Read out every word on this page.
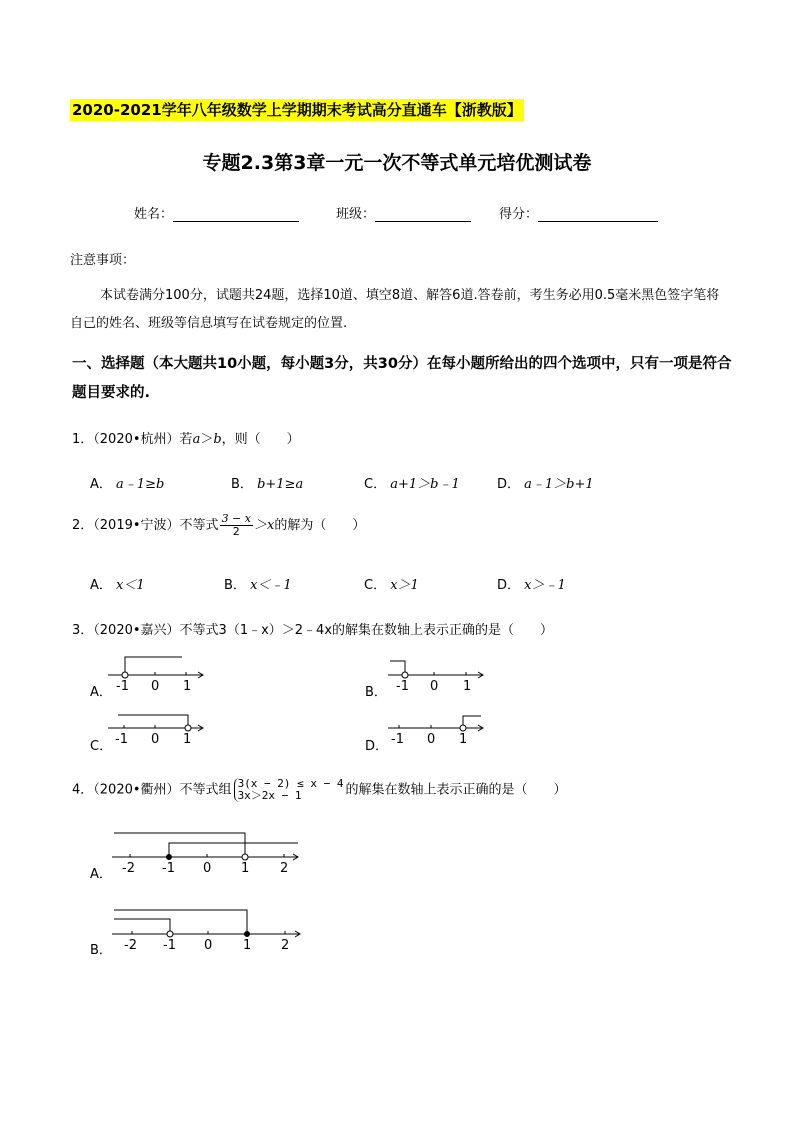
2020-2021学年八年级数学上学期期末考试高分直通车【浙教版】
专题2.3第3章一元一次不等式单元培优测试卷
姓名：	班级：	得分：
注意事项：
本试卷满分100分，试题共24题，选择10道、填空8道、解答6道.答卷前，考生务必用0.5毫米黑色签字笔将自己的姓名、班级等信息填写在试卷规定的位置.
一、选择题（本大题共10小题，每小题3分，共30分）在每小题所给出的四个选项中，只有一项是符合题目要求的.
1．（2020•杭州）若a＞b，则（　　）
A． a﹣1≥b	B． b+1≥a	C． a+1＞b﹣1	D． a﹣1＞b+1
2．（2019•宁波）不等式 $\frac{3 - x}{2} >x$的解为（　　）
A． x＜1	B． x＜﹣1	C． x＞1	D． x＞﹣1
3．（2020•嘉兴）不等式3（1﹣x）＞2﹣4x的解集在数轴上表示正确的是（　　）
A． -1 0 1	B． -1 0 1
C． -1 0 1	D． -1 0 1
4．（2020•衢州）不等式组 3(x − 2) ≤ x − 4
3x＞2x − 1	的解集在数轴上表示正确的是（　　）
A． -2 -1 0 1 2
B． -2 -1 0 1 2
